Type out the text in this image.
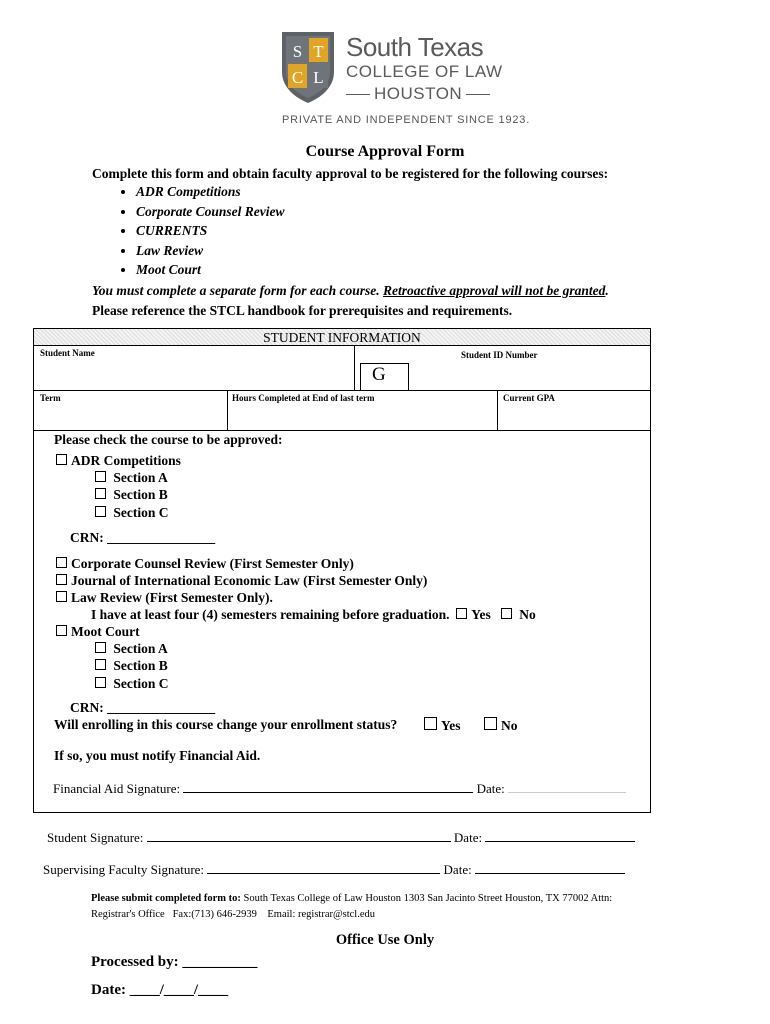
S T
C L
South Texas
COLLEGE OF LAW
HOUSTON
PRIVATE AND INDEPENDENT SINCE 1923.
Course Approval Form
Complete this form and obtain faculty approval to be registered for the following courses:
• ADR Competitions
• Corporate Counsel Review
• CURRENTS
• Law Review
• Moot Court
You must complete a separate form for each course. Retroactive approval will not be granted.
Please reference the STCL handbook for prerequisites and requirements.
STUDENT INFORMATION
Student Name	Student ID Number
G
Term	Hours Completed at End of last term	Current GPA
Please check the course to be approved:
ADR Competitions
Section A
Section B
Section C
CRN: ________________
Corporate Counsel Review (First Semester Only)
Journal of International Economic Law (First Semester Only)
Law Review (First Semester Only).
I have at least four (4) semesters remaining before graduation. Yes No
Moot Court
Section A
Section B
Section C
CRN: ________________
Will enrolling in this course change your enrollment status?	Yes	No
If so, you must notify Financial Aid.
Financial Aid Signature:	Date:
Student Signature:	Date:
Supervising Faculty Signature:	Date:
Please submit completed form to: South Texas College of Law Houston 1303 San Jacinto Street Houston, TX 77002 Attn:
Registrar's Office   Fax:(713) 646-2939    Email: registrar@stcl.edu
Office Use Only
Processed by: __________
Date: ____/____/____
